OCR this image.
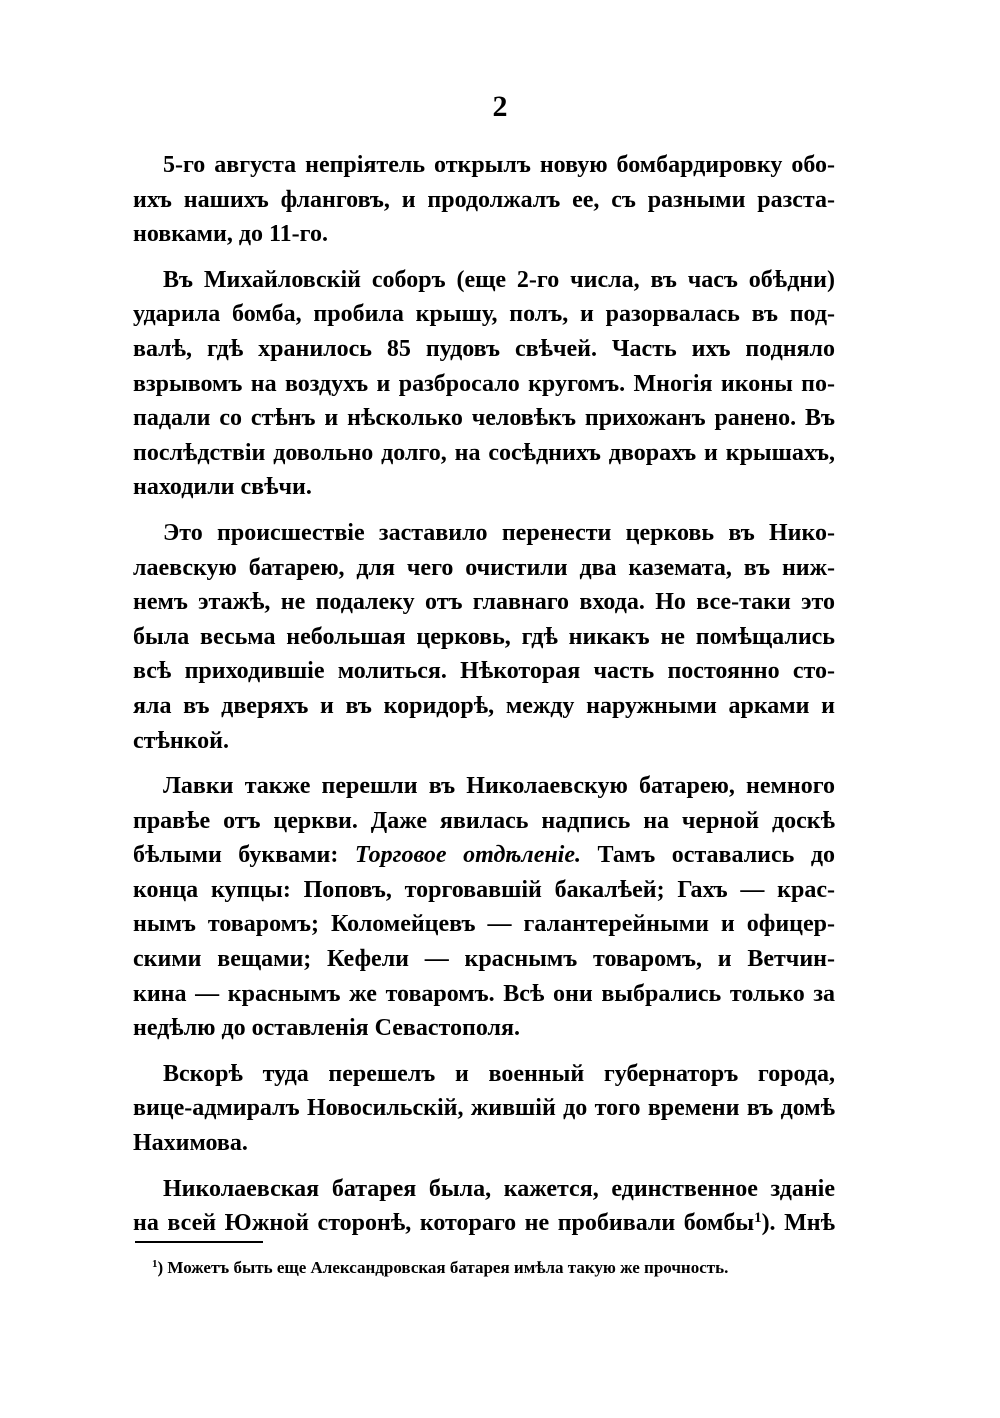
2

5-го августа непріятель открылъ новую бомбардировку обо-
ихъ нашихъ фланговъ, и продолжалъ ее, съ разными разста-
новками, до 11-го.

Въ Михайловскій соборъ (еще 2-го числа, въ часъ обѣдни)
ударила бомба, пробила крышу, полъ, и разорвалась въ под-
валѣ, гдѣ хранилось 85 пудовъ свѣчей. Часть ихъ подняло
взрывомъ на воздухъ и разбросало кругомъ. Многія иконы по-
падали со стѣнъ и нѣсколько человѣкъ прихожанъ ранено. Въ
послѣдствіи довольно долго, на сосѣднихъ дворахъ и крышахъ,
находили свѣчи.

Это происшествіе заставило перенести церковь въ Нико-
лаевскую батарею, для чего очистили два каземата, въ ниж-
немъ этажѣ, не подалеку отъ главнаго входа. Но все-таки это
была весьма небольшая церковь, гдѣ никакъ не помѣщались
всѣ приходившіе молиться. Нѣкоторая часть постоянно сто-
яла въ дверяхъ и въ коридорѣ, между наружными арками и
стѣнкой.

Лавки также перешли въ Николаевскую батарею, немного
правѣе отъ церкви. Даже явилась надпись на черной доскѣ
бѣлыми буквами: Торговое отдѣленіе. Тамъ оставались до
конца купцы: Поповъ, торговавшій бакалѣей; Гахъ — крас-
нымъ товаромъ; Коломейцевъ — галантерейными и офицер-
скими вещами; Кефели — краснымъ товаромъ, и Ветчин-
кина — краснымъ же товаромъ. Всѣ они выбрались только за
недѣлю до оставленія Севастополя.

Вскорѣ туда перешелъ и военный губернаторъ города,
вице-адмиралъ Новосильскій, жившій до того времени въ домѣ
Нахимова.

Николаевская батарея была, кажется, единственное зданіе
на всей Южной сторонѣ, котораго не пробивали бомбы$^1$). Мнѣ

$^1$) Можетъ быть еще Александровская батарея имѣла такую же прочность.
